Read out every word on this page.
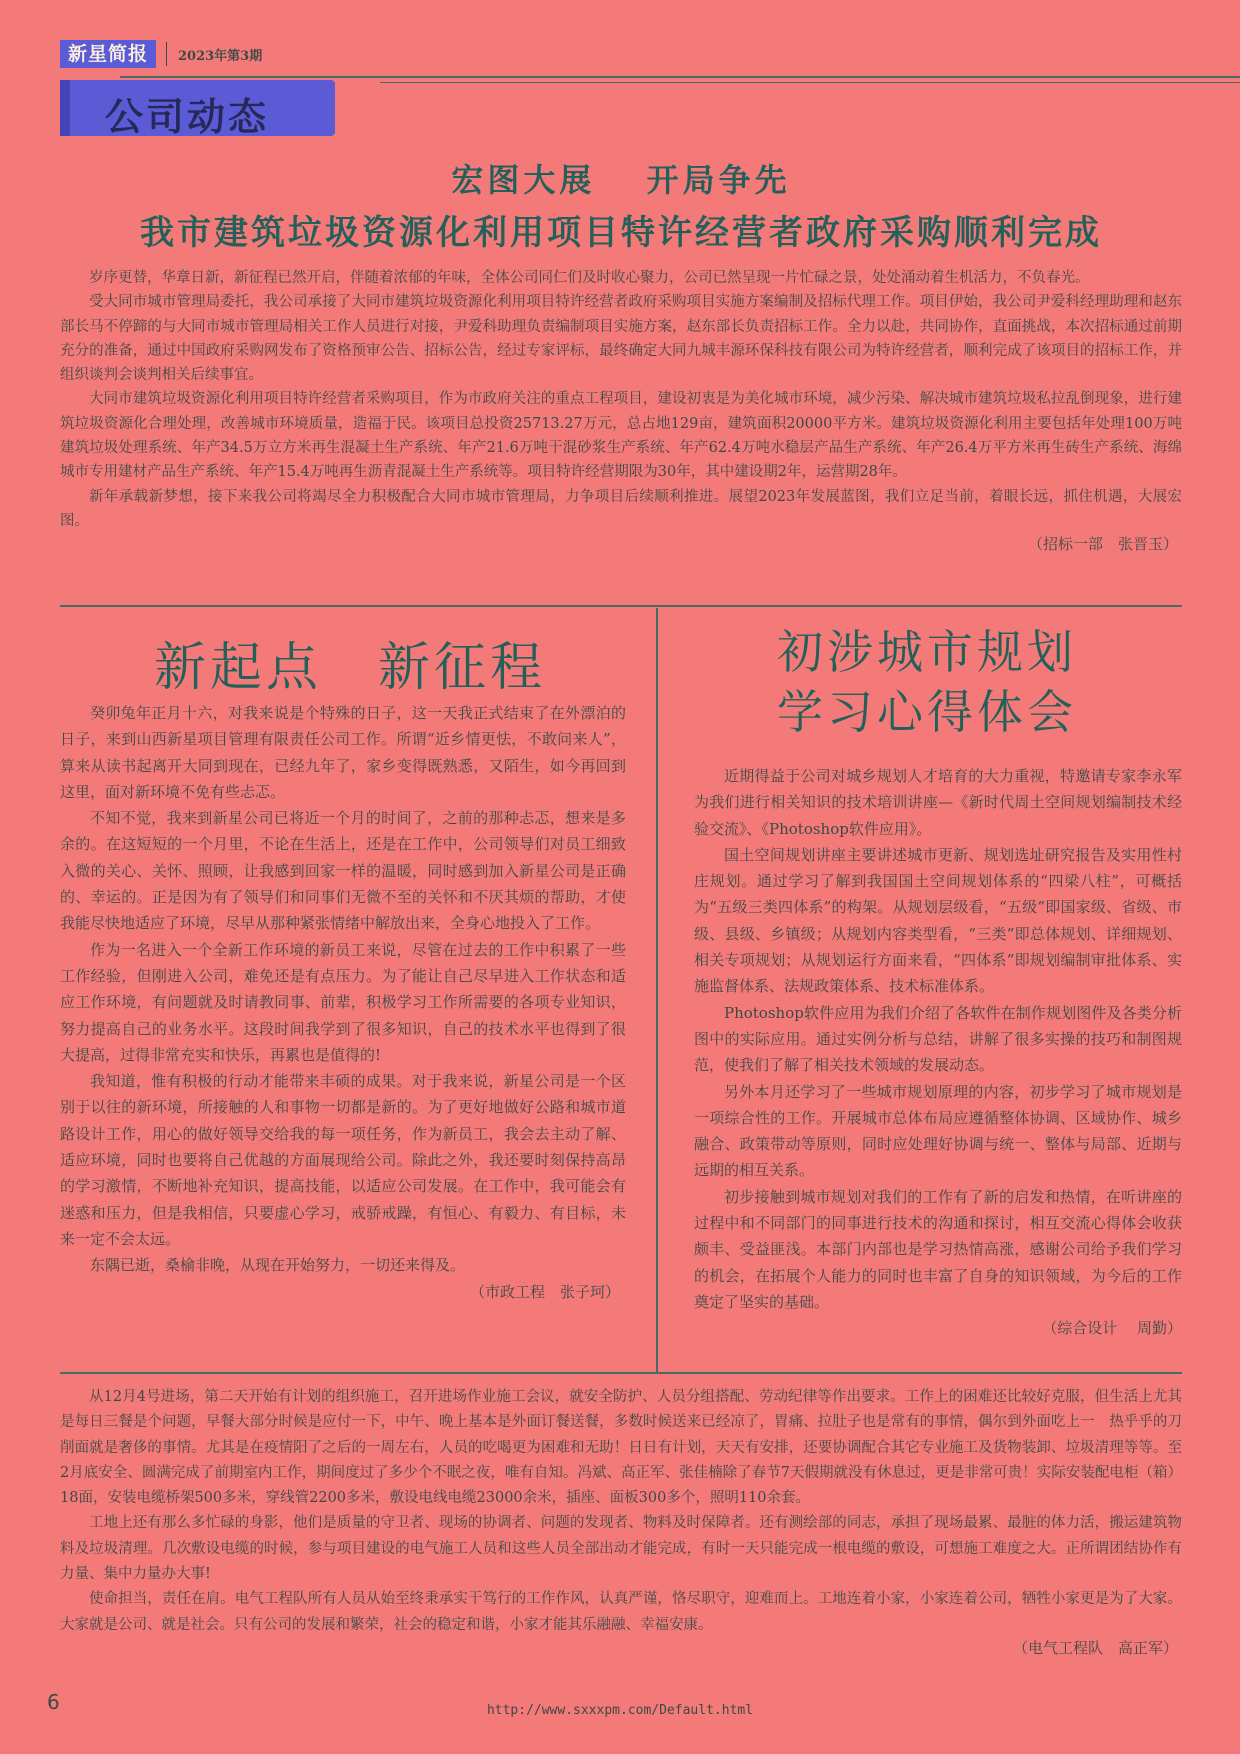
新星简报	2023年第3期
公司动态
宏图大展　 开局争先
我市建筑垃圾资源化利用项目特许经营者政府采购顺利完成

岁序更替，华章日新，新征程已然开启，伴随着浓郁的年味，全体公司同仁们及时收心聚力，公司已然呈现一片忙碌之景，处处涌动着生机活力，不负春光。

受大同市城市管理局委托，我公司承接了大同市建筑垃圾资源化利用项目特许经营者政府采购项目实施方案编制及招标代理工作。项目伊始，我公司尹爱科经理助理和赵东部长马不停蹄的与大同市城市管理局相关工作人员进行对接，尹爱科助理负责编制项目实施方案，赵东部长负责招标工作。全力以赴，共同协作，直面挑战，本次招标通过前期充分的准备，通过中国政府采购网发布了资格预审公告、招标公告，经过专家评标，最终确定大同九城丰源环保科技有限公司为特许经营者，顺利完成了该项目的招标工作，并组织谈判会谈判相关后续事宜。

大同市建筑垃圾资源化利用项目特许经营者采购项目，作为市政府关注的重点工程项目，建设初衷是为美化城市环境，减少污染、解决城市建筑垃圾私拉乱倒现象，进行建筑垃圾资源化合理处理，改善城市环境质量，造福于民。该项目总投资25713.27万元，总占地129亩，建筑面积20000平方米。建筑垃圾资源化利用主要包括年处理100万吨建筑垃圾处理系统、年产34.5万立方米再生混凝土生产系统、年产21.6万吨干混砂浆生产系统、年产62.4万吨水稳层产品生产系统、年产26.4万平方米再生砖生产系统、海绵城市专用建材产品生产系统、年产15.4万吨再生沥青混凝土生产系统等。项目特许经营期限为30年，其中建设期2年，运营期28年。

新年承载新梦想，接下来我公司将竭尽全力积极配合大同市城市管理局，力争项目后续顺利推进。展望2023年发展蓝图，我们立足当前，着眼长远，抓住机遇，大展宏图。

（招标一部　张晋玉）
新起点　新征程

癸卯兔年正月十六，对我来说是个特殊的日子，这一天我正式结束了在外漂泊的日子，来到山西新星项目管理有限责任公司工作。所谓“近乡情更怯，不敢问来人”，算来从读书起离开大同到现在，已经九年了，家乡变得既熟悉，又陌生，如今再回到这里，面对新环境不免有些忐忑。

不知不觉，我来到新星公司已将近一个月的时间了，之前的那种忐忑，想来是多余的。在这短短的一个月里，不论在生活上，还是在工作中，公司领导们对员工细致入微的关心、关怀、照顾，让我感到回家一样的温暖，同时感到加入新星公司是正确的、幸运的。正是因为有了领导们和同事们无微不至的关怀和不厌其烦的帮助，才使我能尽快地适应了环境，尽早从那种紧张情绪中解放出来，全身心地投入了工作。

作为一名进入一个全新工作环境的新员工来说，尽管在过去的工作中积累了一些工作经验，但刚进入公司，难免还是有点压力。为了能让自己尽早进入工作状态和适应工作环境，有问题就及时请教同事、前辈，积极学习工作所需要的各项专业知识，努力提高自己的业务水平。这段时间我学到了很多知识，自己的技术水平也得到了很大提高，过得非常充实和快乐，再累也是值得的!

我知道，惟有积极的行动才能带来丰硕的成果。对于我来说，新星公司是一个区别于以往的新环境，所接触的人和事物一切都是新的。为了更好地做好公路和城市道路设计工作，用心的做好领导交给我的每一项任务，作为新员工，我会去主动了解、适应环境，同时也要将自己优越的方面展现给公司。除此之外，我还要时刻保持高昂的学习激情，不断地补充知识，提高技能，以适应公司发展。在工作中，我可能会有迷惑和压力，但是我相信，只要虚心学习，戒骄戒躁，有恒心、有毅力、有目标，未来一定不会太远。

东隅已逝，桑榆非晚，从现在开始努力，一切还来得及。

（市政工程　张子珂）
初涉城市规划
学习心得体会

近期得益于公司对城乡规划人才培育的大力重视，特邀请专家李永军为我们进行相关知识的技术培训讲座—《新时代周土空间规划编制技术经验交流》、《Photoshop软件应用》。

国土空间规划讲座主要讲述城市更新、规划选址研究报告及实用性村庄规划。通过学习了解到我国国土空间规划体系的“四梁八柱”，可概括为“五级三类四体系”的构架。从规划层级看，“五级”即国家级、省级、市级、县级、乡镇级；从规划内容类型看，“三类”即总体规划、详细规划、相关专项规划；从规划运行方面来看，“四体系”即规划编制审批体系、实施监督体系、法规政策体系、技术标准体系。

Photoshop软件应用为我们介绍了各软件在制作规划图件及各类分析图中的实际应用。通过实例分析与总结，讲解了很多实操的技巧和制图规范，使我们了解了相关技术领域的发展动态。

另外本月还学习了一些城市规划原理的内容，初步学习了城市规划是一项综合性的工作。开展城市总体布局应遵循整体协调、区域协作、城乡融合、政策带动等原则，同时应处理好协调与统一、整体与局部、近期与远期的相互关系。

初步接触到城市规划对我们的工作有了新的启发和热情，在听讲座的过程中和不同部门的同事进行技术的沟通和探讨，相互交流心得体会收获颇丰、受益匪浅。本部门内部也是学习热情高涨，感谢公司给予我们学习的机会，在拓展个人能力的同时也丰富了自身的知识领域，为今后的工作奠定了坚实的基础。

（综合设计　 周勤）

从12月4号进场，第二天开始有计划的组织施工，召开进场作业施工会议，就安全防护、人员分组搭配、劳动纪律等作出要求。工作上的困难还比较好克服，但生活上尤其是每日三餐是个问题，早餐大部分时候是应付一下，中午、晚上基本是外面订餐送餐，多数时候送来已经凉了，胃痛、拉肚子也是常有的事情，偶尔到外面吃上一　热乎乎的刀削面就是奢侈的事情。尤其是在疫情阳了之后的一周左右，人员的吃喝更为困难和无助！日日有计划，天天有安排，还要协调配合其它专业施工及货物装卸、垃圾清理等等。至2月底安全、圆满完成了前期室内工作，期间度过了多少个不眠之夜，唯有自知。冯斌、高正军、张佳楠除了春节7天假期就没有休息过，更是非常可贵！实际安装配电柜（箱）18面，安装电缆桥架500多米，穿线管2200多米，敷设电线电缆23000余米，插座、面板300多个，照明110余套。

工地上还有那么多忙碌的身影，他们是质量的守卫者、现场的协调者、问题的发现者、物料及时保障者。还有测绘部的同志，承担了现场最累、最脏的体力活，搬运建筑物料及垃圾清理。几次敷设电缆的时候，参与项目建设的电气施工人员和这些人员全部出动才能完成，有时一天只能完成一根电缆的敷设，可想施工难度之大。正所谓团结协作有力量、集中力量办大事!

使命担当，责任在肩。电气工程队所有人员从始至终秉承实干笃行的工作作风，认真严谨，恪尽职守，迎难而上。工地连着小家，小家连着公司，牺牲小家更是为了大家。大家就是公司、就是社会。只有公司的发展和繁荣，社会的稳定和谐，小家才能其乐融融、幸福安康。

（电气工程队　高正军）
6	http://www.sxxxpm.com/Default.html
